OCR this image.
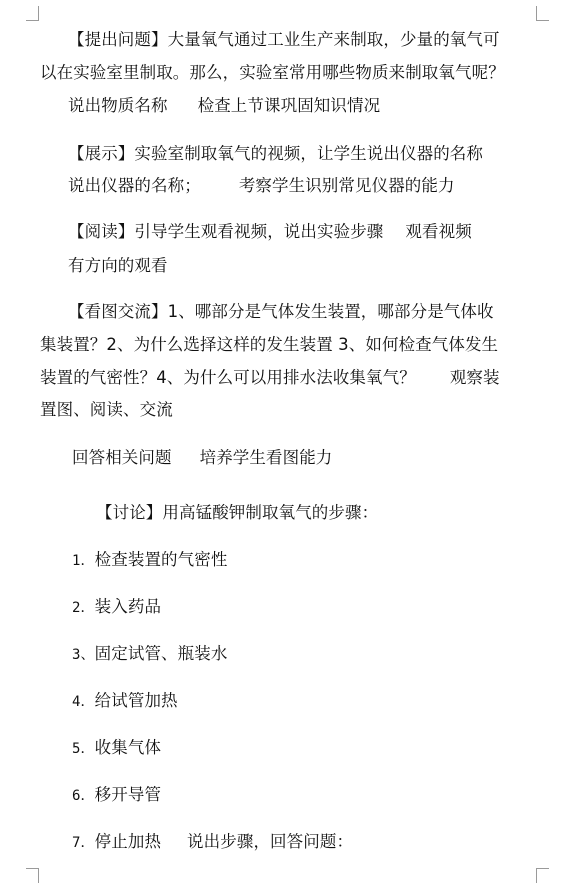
【提出问题】大量氧气通过工业生产来制取，少量的氧气可
以在实验室里制取。那么，实验室常用哪些物质来制取氧气呢？
说出物质名称 检查上节课巩固知识情况
【展示】实验室制取氧气的视频，让学生说出仪器的名称
说出仪器的名称； 考察学生识别常见仪器的能力
【阅读】引导学生观看视频，说出实验步骤 观看视频
有方向的观看
【看图交流】1、哪部分是气体发生装置，哪部分是气体收
集装置？2、为什么选择这样的发生装置 3、如何检查气体发生
装置的气密性？4、为什么可以用排水法收集氧气？ 观察装
置图、阅读、交流
回答相关问题 培养学生看图能力
【讨论】用高锰酸钾制取氧气的步骤：
1．检查装置的气密性
2．装入药品
3、固定试管、瓶装水
4．给试管加热
5．收集气体
6．移开导管
7．停止加热 说出步骤，回答问题：
